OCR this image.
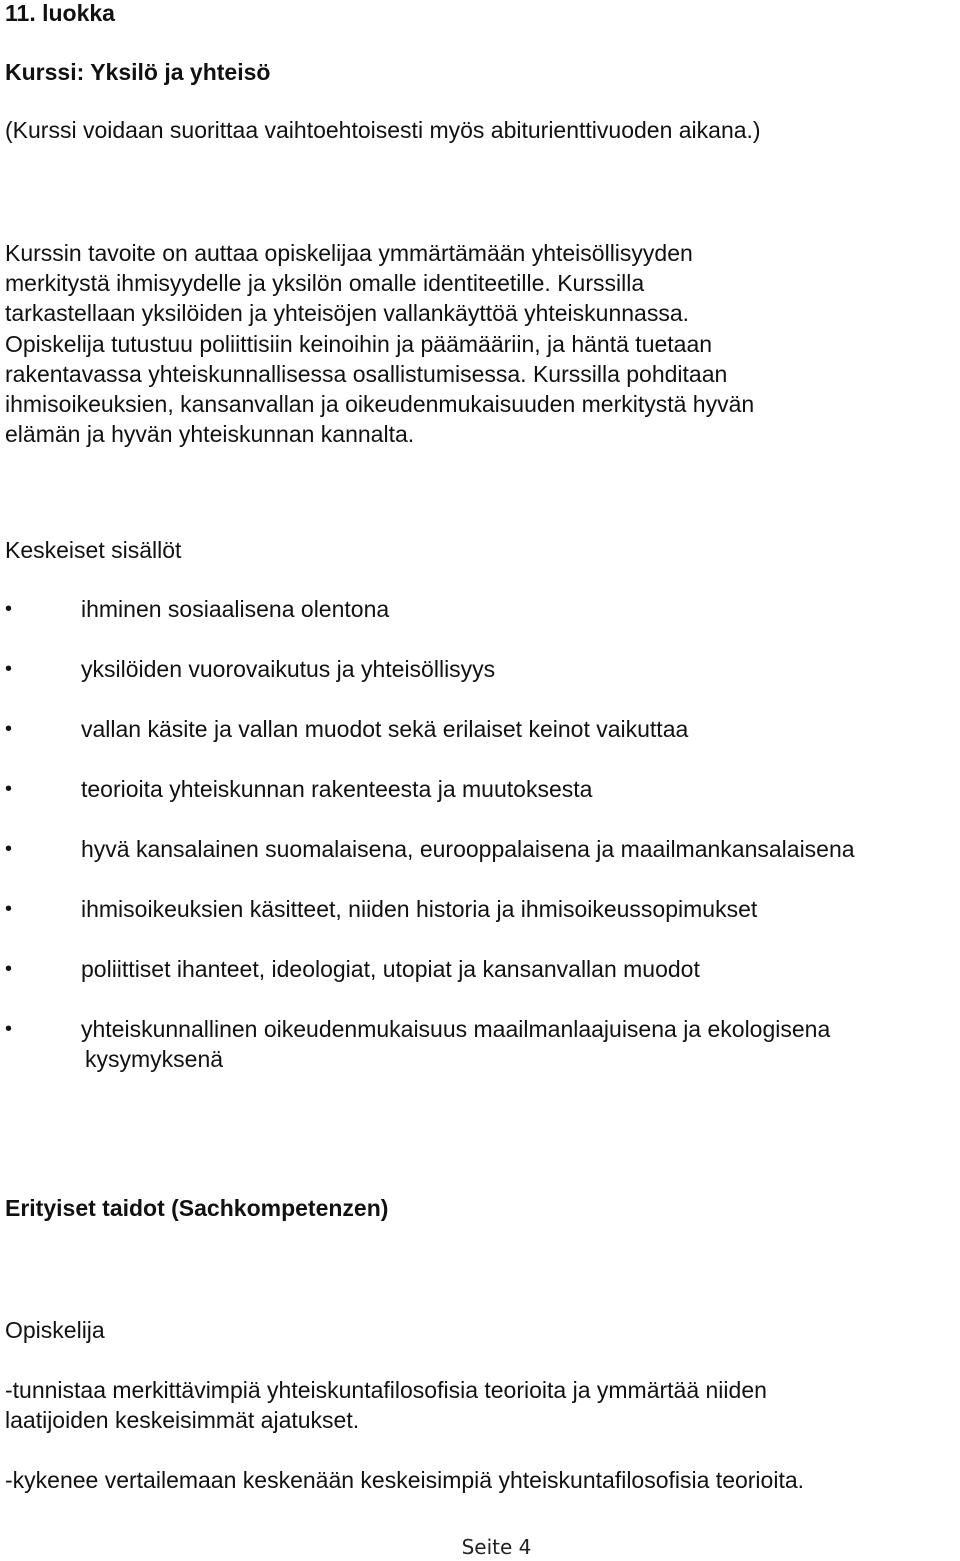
11. luokka
Kurssi: Yksilö ja yhteisö
(Kurssi voidaan suorittaa vaihtoehtoisesti myös abiturienttivuoden aikana.)
Kurssin tavoite on auttaa opiskelijaa ymmärtämään yhteisöllisyyden
merkitystä ihmisyydelle ja yksilön omalle identiteetille. Kurssilla
tarkastellaan yksilöiden ja yhteisöjen vallankäyttöä yhteiskunnassa.
Opiskelija tutustuu poliittisiin keinoihin ja päämääriin, ja häntä tuetaan
rakentavassa yhteiskunnallisessa osallistumisessa. Kurssilla pohditaan
ihmisoikeuksien, kansanvallan ja oikeudenmukaisuuden merkitystä hyvän
elämän ja hyvän yhteiskunnan kannalta.
Keskeiset sisällöt
•	ihminen sosiaalisena olentona
•	yksilöiden vuorovaikutus ja yhteisöllisyys
•	vallan käsite ja vallan muodot sekä erilaiset keinot vaikuttaa
•	teorioita yhteiskunnan rakenteesta ja muutoksesta
•	hyvä kansalainen suomalaisena, eurooppalaisena ja maailmankansalaisena
•	ihmisoikeuksien käsitteet, niiden historia ja ihmisoikeussopimukset
•	poliittiset ihanteet, ideologiat, utopiat ja kansanvallan muodot
•	yhteiskunnallinen oikeudenmukaisuus maailmanlaajuisena ja ekologisena
kysymyksenä
Erityiset taidot (Sachkompetenzen)
Opiskelija
-tunnistaa merkittävimpiä yhteiskuntafilosofisia teorioita ja ymmärtää niiden
laatijoiden keskeisimmät ajatukset.
-kykenee vertailemaan keskenään keskeisimpiä yhteiskuntafilosofisia teorioita.
Seite 4
